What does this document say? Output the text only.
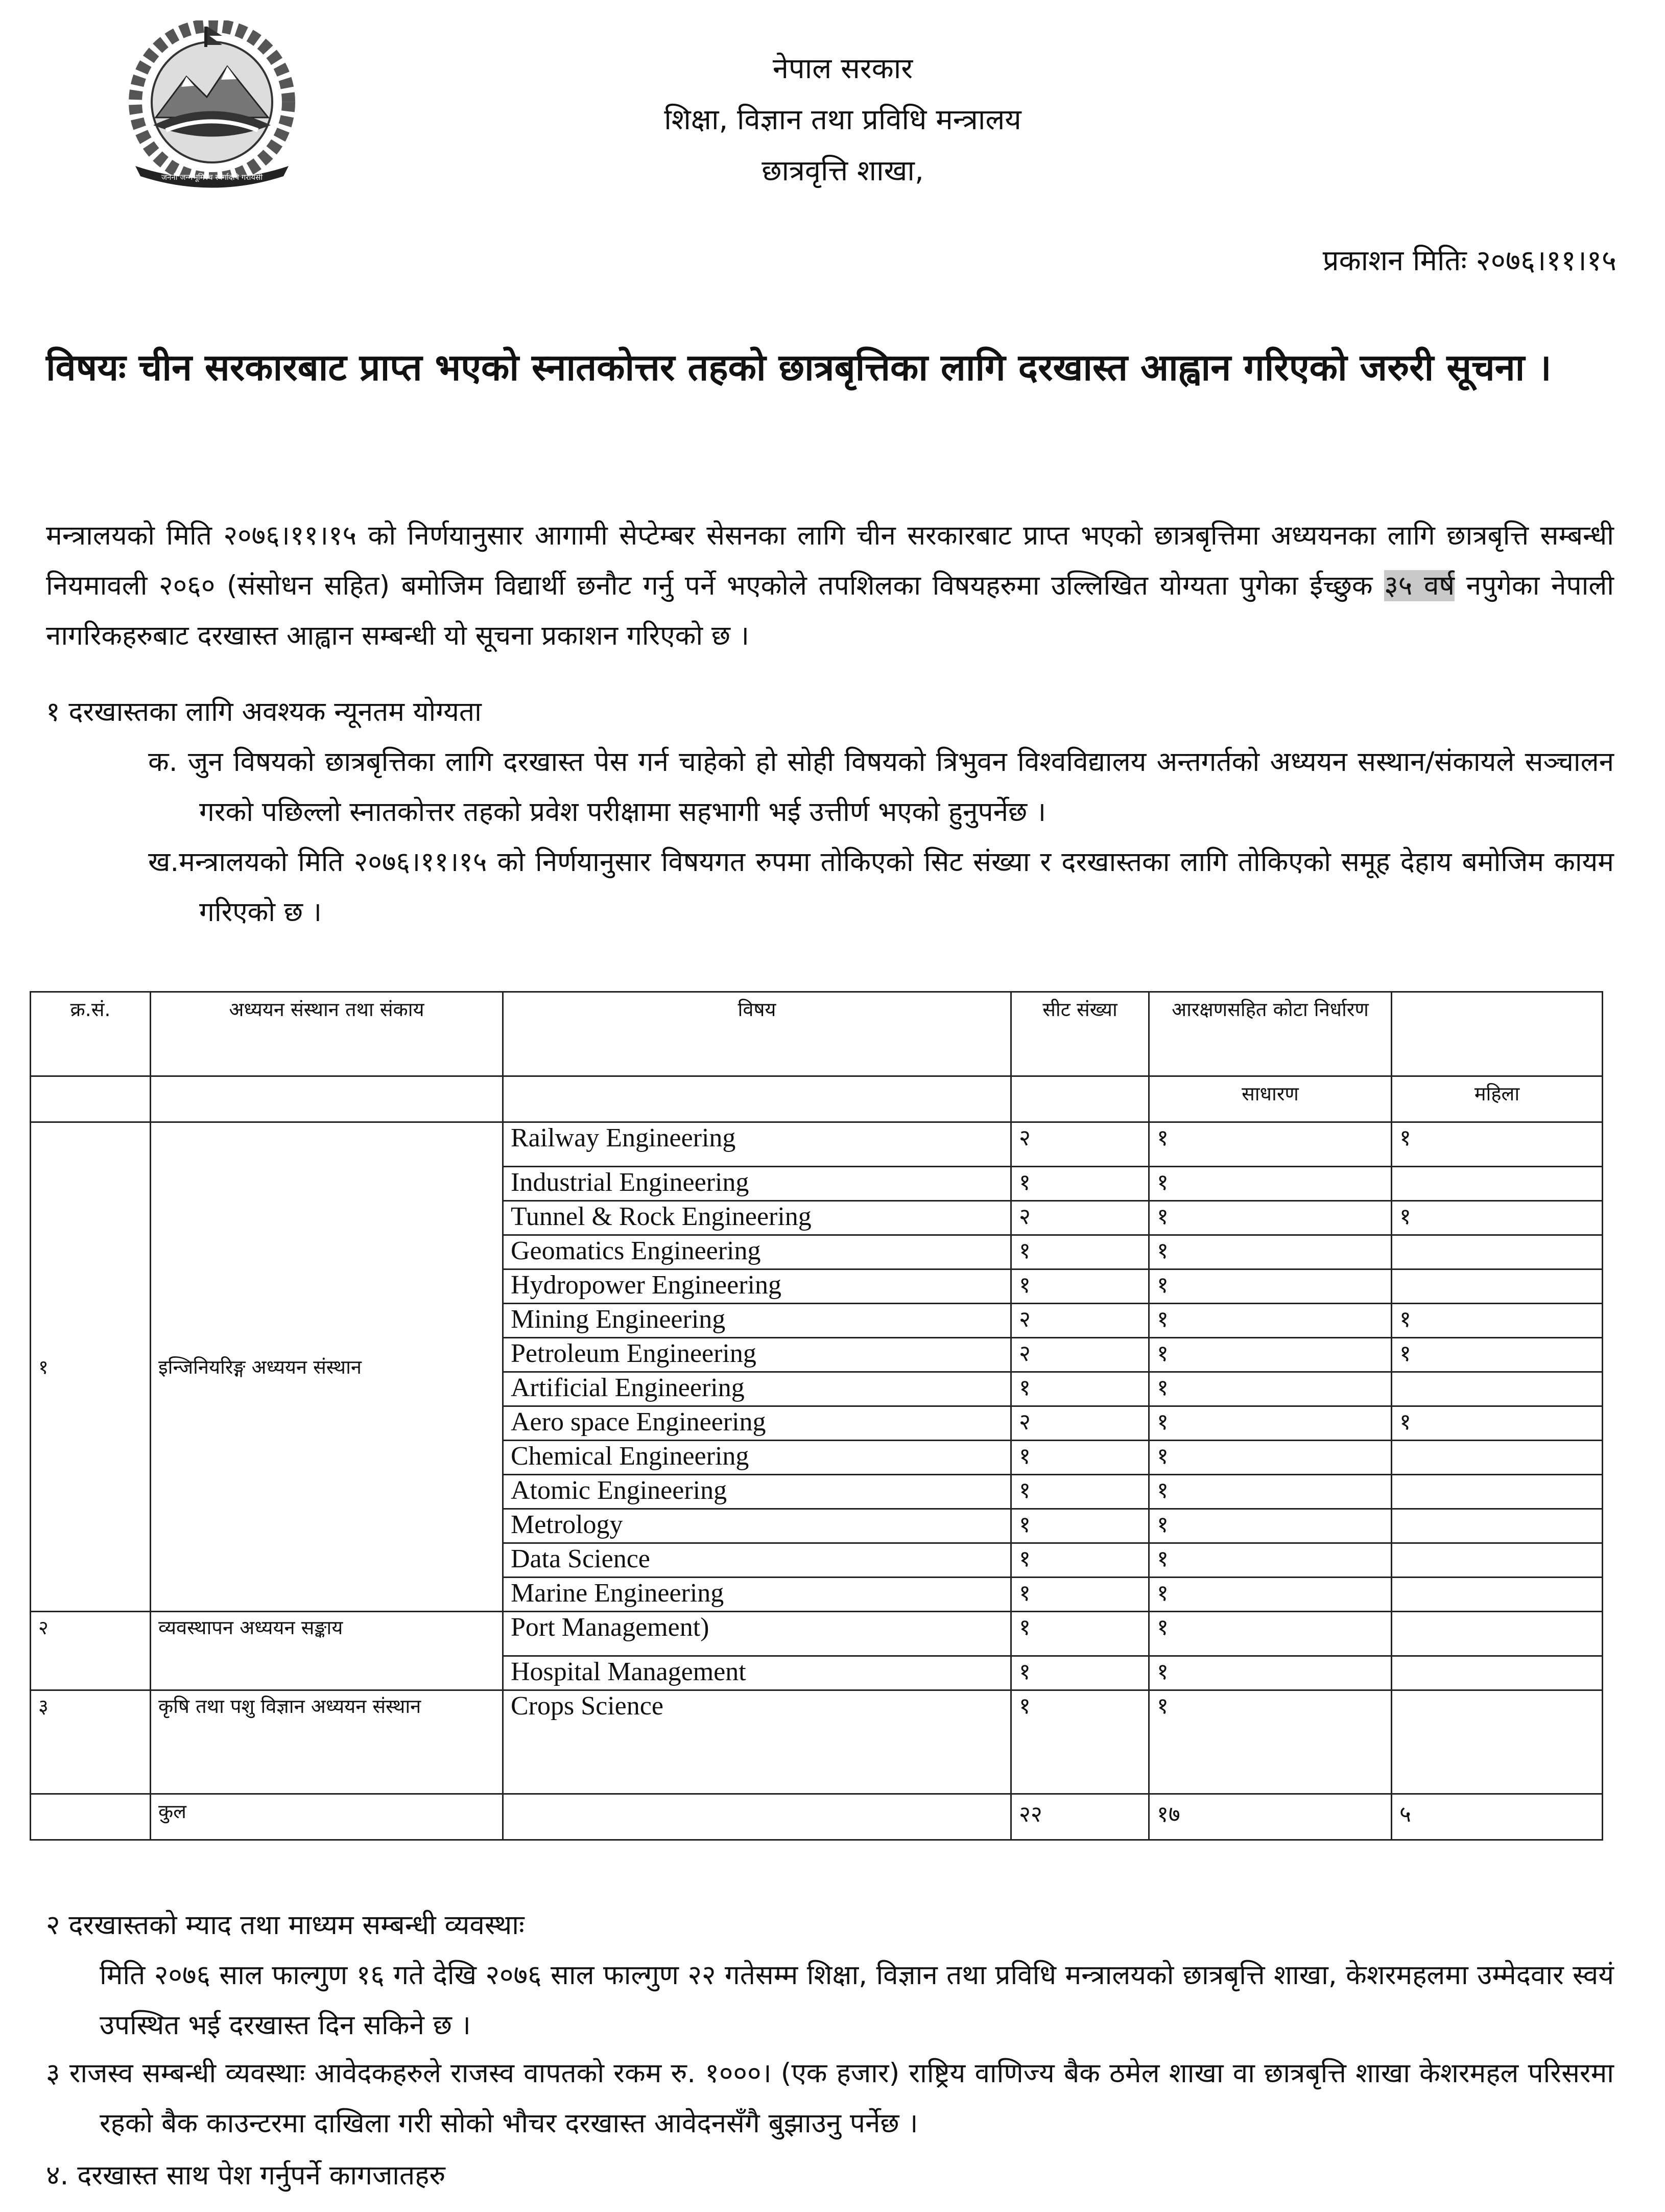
जननी जन्मभूमिश्च स्वर्गादपि गरीयसी
नेपाल सरकार
शिक्षा, विज्ञान तथा प्रविधि मन्त्रालय
छात्रवृत्ति शाखा,
प्रकाशन मितिः २०७६।११।१५
विषयः चीन सरकारबाट प्राप्त भएको स्नातकोत्तर तहको छात्रबृत्तिका लागि दरखास्त आह्वान गरिएको जरुरी सूचना ।

मन्त्रालयको मिति २०७६।११।१५ को निर्णयानुसार आगामी सेप्टेम्बर सेसनका लागि चीन सरकारबाट प्राप्त भएको छात्रबृत्तिमा अध्ययनका लागि छात्रबृत्ति सम्बन्धी नियमावली २०६० (संसोधन सहित) बमोजिम विद्यार्थी छनौट गर्नु पर्ने भएकोले तपशिलका विषयहरुमा उल्लिखित योग्यता पुगेका ईच्छुक ३५ वर्ष नपुगेका नेपाली नागरिकहरुबाट दरखास्त आह्वान सम्बन्धी यो सूचना प्रकाशन गरिएको छ ।

१ दरखास्तका लागि अवश्यक न्यूनतम योग्यता

क. जुन विषयको छात्रबृत्तिका लागि दरखास्त पेस गर्न चाहेको हो सोही विषयको त्रिभुवन विश्वविद्यालय अन्तगर्तको अध्ययन सस्थान/संकायले सञ्चालन गरको पछिल्लो स्नातकोत्तर तहको प्रवेश परीक्षामा सहभागी भई उत्तीर्ण भएको हुनुपर्नेछ ।

ख.मन्त्रालयको मिति २०७६।११।१५ को निर्णयानुसार विषयगत रुपमा तोकिएको सिट संख्या र दरखास्तका लागि तोकिएको समूह देहाय बमोजिम कायम गरिएको छ ।

क्र.सं.	अध्ययन संस्थान तथा संकाय	विषय	सीट संख्या	आरक्षणसहित कोटा निर्धारण	
				साधारण	महिला
१	इन्जिनियरिङ्ग अध्ययन संस्थान	Railway Engineering	२	१	१
		Industrial Engineering	१	१	
		Tunnel & Rock Engineering	२	१	१
		Geomatics Engineering	१	१	
		Hydropower Engineering	१	१	
		Mining Engineering	२	१	१
		Petroleum Engineering	२	१	१
		Artificial Engineering	१	१	
		Aero space Engineering	२	१	१
		Chemical Engineering	१	१	
		Atomic Engineering	१	१	
		Metrology	१	१	
		Data Science	१	१	
		Marine Engineering	१	१	
२	व्यवस्थापन अध्ययन सङ्काय	Port Management)	१	१	
		Hospital Management	१	१	
३	कृषि तथा पशु विज्ञान अध्ययन संस्थान	Crops Science	१	१	
	कुल		२२	१७	५

२ दरखास्तको म्याद तथा माध्यम सम्बन्धी व्यवस्थाः

मिति २०७६ साल फाल्गुण १६ गते देखि २०७६ साल फाल्गुण २२ गतेसम्म शिक्षा, विज्ञान तथा प्रविधि मन्त्रालयको छात्रबृत्ति शाखा, केशरमहलमा उम्मेदवार स्वयं उपस्थित भई दरखास्त दिन सकिने छ ।

३ राजस्व सम्बन्धी व्यवस्थाः आवेदकहरुले राजस्व वापतको रकम रु. १०००। (एक हजार) राष्ट्रिय वाणिज्य बैक ठमेल शाखा वा छात्रबृत्ति शाखा केशरमहल परिसरमा रहको बैक काउन्टरमा दाखिला गरी सोको भौचर दरखास्त आवेदनसँगै बुझाउनु पर्नेछ ।

४. दरखास्त साथ पेश गर्नुपर्ने कागजातहरु
